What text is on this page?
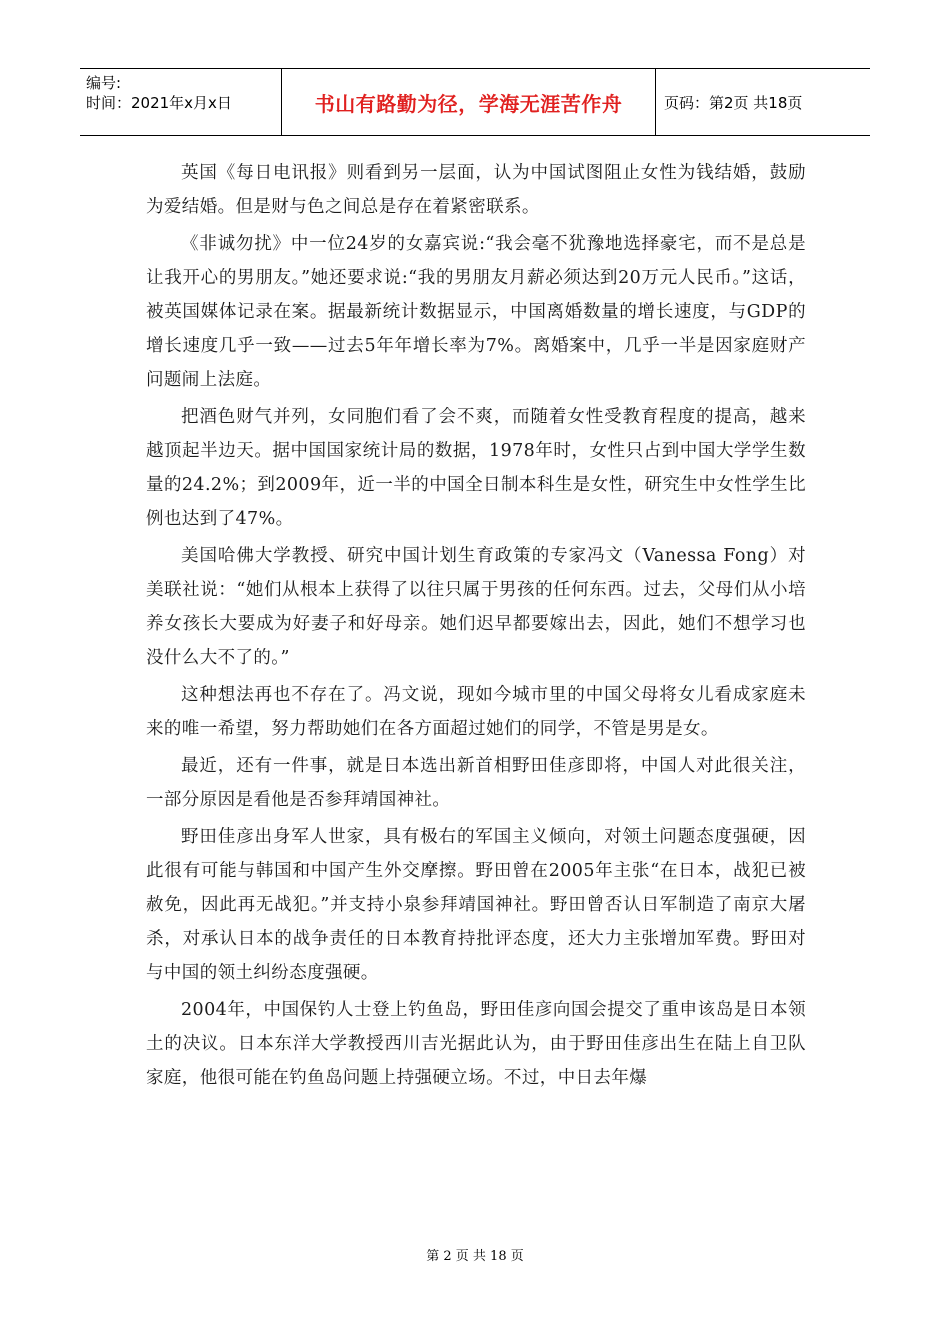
编号:
时间：2021年x月x日	书山有路勤为径，学海无涯苦作舟	页码：第2页 共18页

英国《每日电讯报》则看到另一层面，认为中国试图阻止女性为钱结婚，鼓励为爱结婚。但是财与色之间总是存在着紧密联系。

《非诚勿扰》中一位24岁的女嘉宾说:“我会毫不犹豫地选择豪宅，而不是总是让我开心的男朋友。”她还要求说:“我的男朋友月薪必须达到20万元人民币。”这话，被英国媒体记录在案。据最新统计数据显示，中国离婚数量的增长速度，与GDP的增长速度几乎一致——过去5年年增长率为7%。离婚案中，几乎一半是因家庭财产问题闹上法庭。

把酒色财气并列，女同胞们看了会不爽，而随着女性受教育程度的提高，越来越顶起半边天。据中国国家统计局的数据，1978年时，女性只占到中国大学学生数量的24.2%；到2009年，近一半的中国全日制本科生是女性，研究生中女性学生比例也达到了47%。

美国哈佛大学教授、研究中国计划生育政策的专家冯文（Vanessa Fong）对美联社说：“她们从根本上获得了以往只属于男孩的任何东西。过去，父母们从小培养女孩长大要成为好妻子和好母亲。她们迟早都要嫁出去，因此，她们不想学习也没什么大不了的。”

这种想法再也不存在了。冯文说，现如今城市里的中国父母将女儿看成家庭未来的唯一希望，努力帮助她们在各方面超过她们的同学，不管是男是女。

最近，还有一件事，就是日本选出新首相野田佳彦即将，中国人对此很关注，一部分原因是看他是否参拜靖国神社。

野田佳彦出身军人世家，具有极右的军国主义倾向，对领土问题态度强硬，因此很有可能与韩国和中国产生外交摩擦。野田曾在2005年主张“在日本，战犯已被赦免，因此再无战犯。”并支持小泉参拜靖国神社。野田曾否认日军制造了南京大屠杀，对承认日本的战争责任的日本教育持批评态度，还大力主张增加军费。野田对与中国的领土纠纷态度强硬。

2004年，中国保钓人士登上钓鱼岛，野田佳彦向国会提交了重申该岛是日本领土的决议。日本东洋大学教授西川吉光据此认为，由于野田佳彦出生在陆上自卫队家庭，他很可能在钓鱼岛问题上持强硬立场。不过，中日去年爆

第 2 页 共 18 页
